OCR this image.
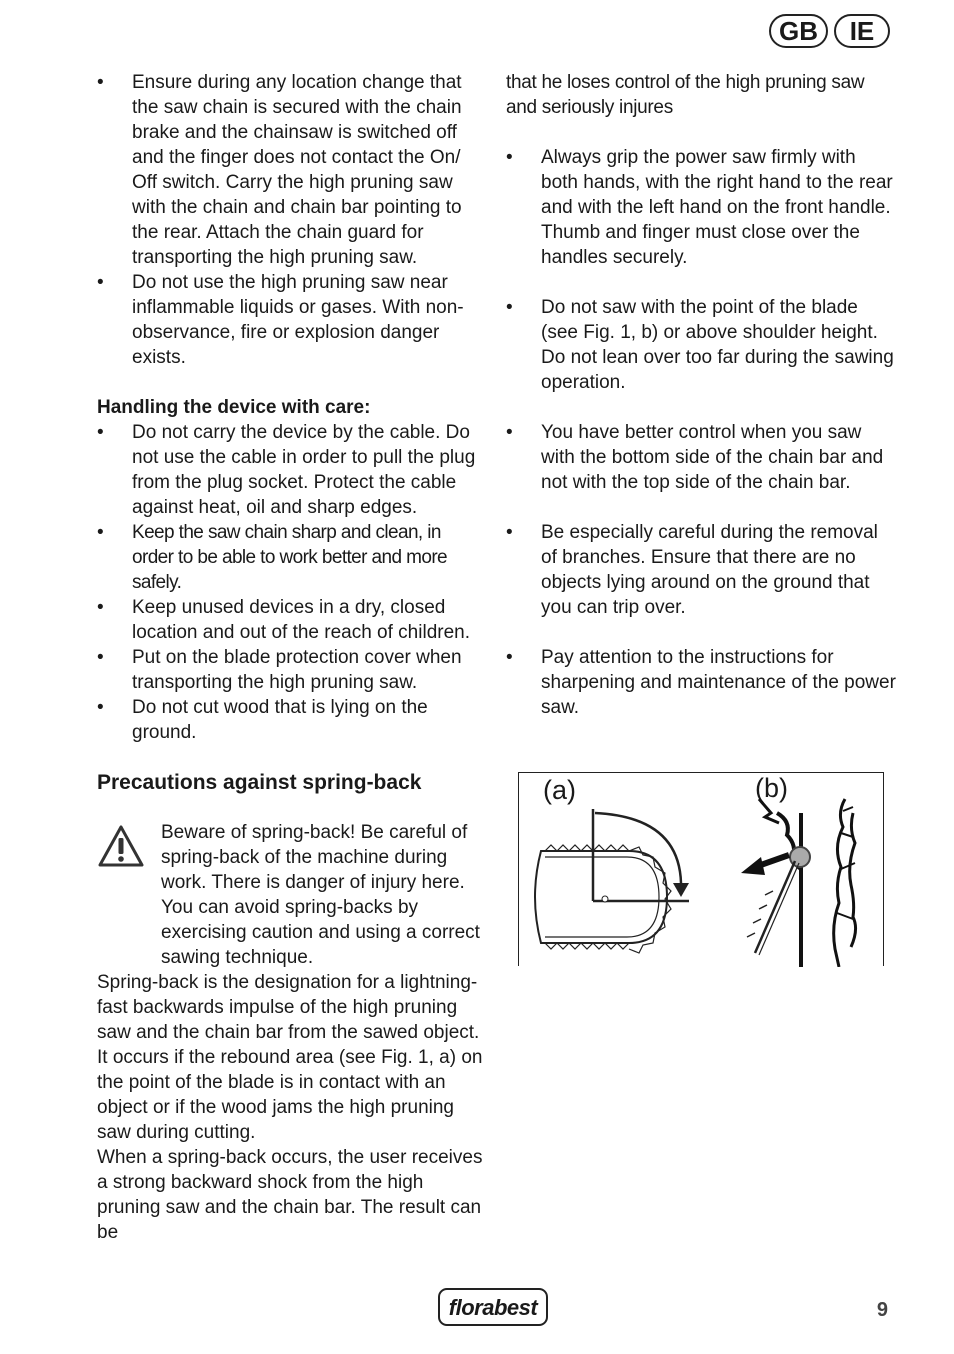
GB	IE
• Ensure during any location change that the saw chain is secured with the chain brake and the chainsaw is switched off and the finger does not contact the On/ Off switch. Carry the high pruning saw with the chain and chain bar pointing to the rear. Attach the chain guard for transporting the high pruning saw.
• Do not use the high pruning saw near inflammable liquids or gases. With non-observance, fire or explosion danger exists.
Handling the device with care:
• Do not carry the device by the cable. Do not use the cable in order to pull the plug from the plug socket. Protect the cable against heat, oil and sharp edges.
• Keep the saw chain sharp and clean, in order to be able to work better and more safely.
• Keep unused devices in a dry, closed location and out of the reach of children.
• Put on the blade protection cover when transporting the high pruning saw.
• Do not cut wood that is lying on the ground.
Precautions against spring-back
Beware of spring-back! Be careful of spring-back of the machine during work. There is danger of injury here. You can avoid spring-backs by exercising caution and using a correct sawing technique.

Spring-back is the designation for a lightning-fast backwards impulse of the high pruning saw and the chain bar from the sawed object. It occurs if the rebound area (see Fig. 1, a) on the point of the blade is in contact with an object or if the wood jams the high pruning saw during cutting.

When a spring-back occurs, the user receives a strong backward shock from the high pruning saw and the chain bar. The result can be

that he loses control of the high pruning saw and seriously injures

• Always grip the power saw firmly with both hands, with the right hand to the rear and with the left hand on the front handle. Thumb and finger must close over the handles securely.
• Do not saw with the point of the blade (see Fig. 1, b) or above shoulder height. Do not lean over too far during the sawing operation.
• You have better control when you saw with the bottom side of the chain bar and not with the top side of the chain bar.
• Be especially careful during the removal of branches. Ensure that there are no objects lying around on the ground that you can trip over.
• Pay attention to the instructions for sharpening and maintenance of the power saw.
(a)	(b)
florabest	9
